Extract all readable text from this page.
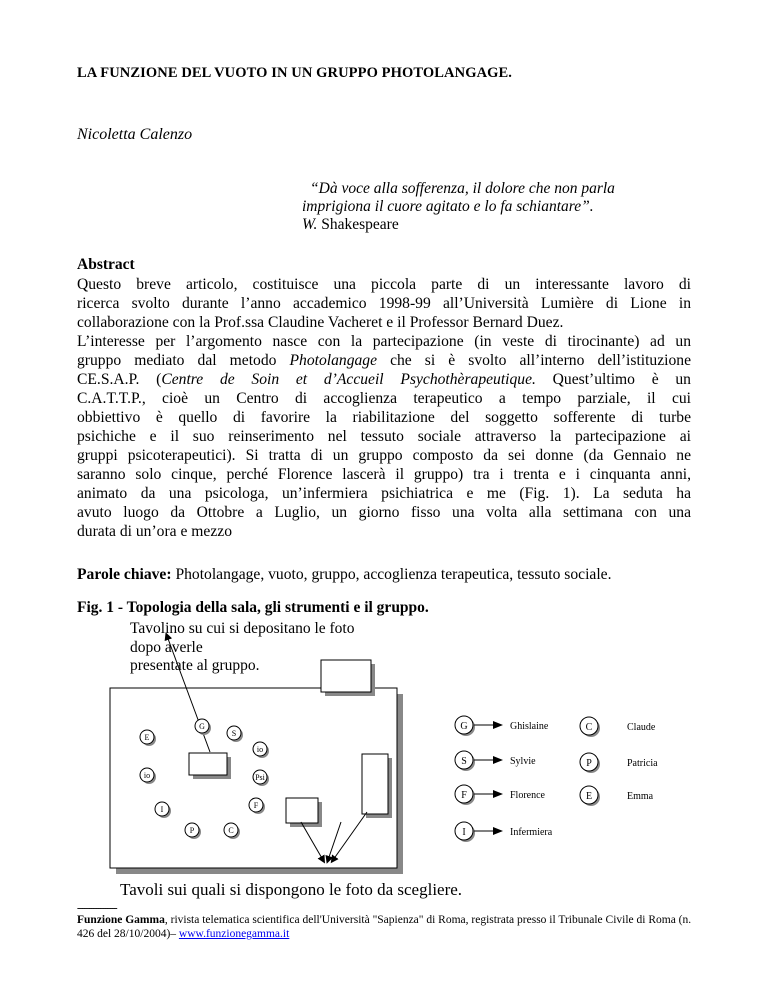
LA FUNZIONE DEL VUOTO IN UN GRUPPO PHOTOLANGAGE.
Nicoletta Calenzo
“Dà voce alla sofferenza, il dolore che non parla
imprigiona il cuore agitato e lo fa schiantare”.
W. Shakespeare
Abstract
Questo breve articolo, costituisce una piccola parte di un interessante lavoro di
ricerca svolto durante l’anno accademico 1998-99 all’Università Lumière di Lione in
collaborazione con la Prof.ssa Claudine Vacheret e il Professor Bernard Duez.
L’interesse per l’argomento nasce con la partecipazione (in veste di tirocinante) ad un
gruppo mediato dal metodo Photolangage che si è svolto all’interno dell’istituzione
CE.S.A.P. (Centre de Soin et d’Accueil Psychothèrapeutique. Quest’ultimo è un
C.A.T.T.P., cioè un Centro di accoglienza terapeutico a tempo parziale, il cui
obbiettivo è quello di favorire la riabilitazione del soggetto sofferente di turbe
psichiche e il suo reinserimento nel tessuto sociale attraverso la partecipazione ai
gruppi psicoterapeutici). Si tratta di un gruppo composto da sei donne (da Gennaio ne
saranno solo cinque, perché Florence lascerà il gruppo) tra i trenta e i cinquanta anni,
animato da una psicologa, un’infermiera psichiatrica e me (Fig. 1). La seduta ha
avuto luogo da Ottobre a Luglio, un giorno fisso una volta alla settimana con una
durata di un’ora e mezzo
Parole chiave: Photolangage, vuoto, gruppo, accoglienza terapeutica, tessuto sociale.
Fig. 1 - Topologia della sala, gli strumenti e il gruppo.
Tavolino su cui si depositano le foto
dopo averle
presentate al gruppo.
E
G
S
io
io	Psi
F
I
P	C
G	Ghislaine
S	Sylvie
F	Florence
I	Infermiera
C	Claude
P	Patricia
E	Emma
Tavoli sui quali si dispongono le foto da scegliere.
-----------------
Funzione Gamma, rivista telematica scientifica dell'Università "Sapienza" di Roma, registrata presso il Tribunale Civile di Roma (n. 426 del 28/10/2004)– www.funzionegamma.it
